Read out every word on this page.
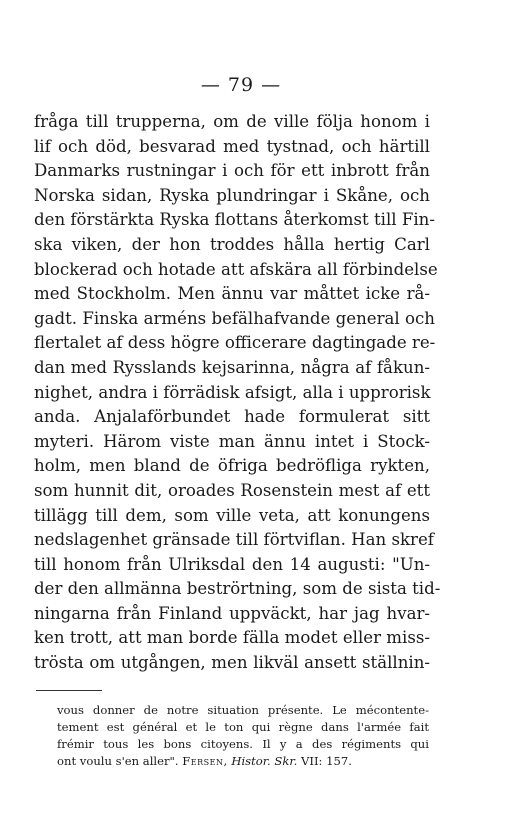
— 79 —
fråga till trupperna, om de ville följa honom i
lif och död, besvarad med tystnad, och härtill
Danmarks rustningar i och för ett inbrott från
Norska sidan, Ryska plundringar i Skåne, och
den förstärkta Ryska flottans återkomst till Fin-
ska viken, der hon troddes hålla hertig Carl
blockerad och hotade att afskära all förbindelse
med Stockholm. Men ännu var måttet icke rå-
gadt. Finska arméns befälhafvande general och
flertalet af dess högre officerare dagtingade re-
dan med Rysslands kejsarinna, några af fåkun-
nighet, andra i förrädisk afsigt, alla i upprorisk
anda. Anjalaförbundet hade formulerat sitt
myteri. Härom viste man ännu intet i Stock-
holm, men bland de öfriga bedröfliga rykten,
som hunnit dit, oroades Rosenstein mest af ett
tillägg till dem, som ville veta, att konungens
nedslagenhet gränsade till förtviflan. Han skref
till honom från Ulriksdal den 14 augusti: "Un-
der den allmänna beströrtning, som de sista tid-
ningarna från Finland uppväckt, har jag hvar-
ken trott, att man borde fälla modet eller miss-
trösta om utgången, men likväl ansett ställnin-
vous donner de notre situation présente. Le mécontente-
tement est général et le ton qui règne dans l'armée fait
frémir tous les bons citoyens. Il y a des régiments qui
ont voulu s'en aller". Fersen, Histor. Skr. VII: 157.
